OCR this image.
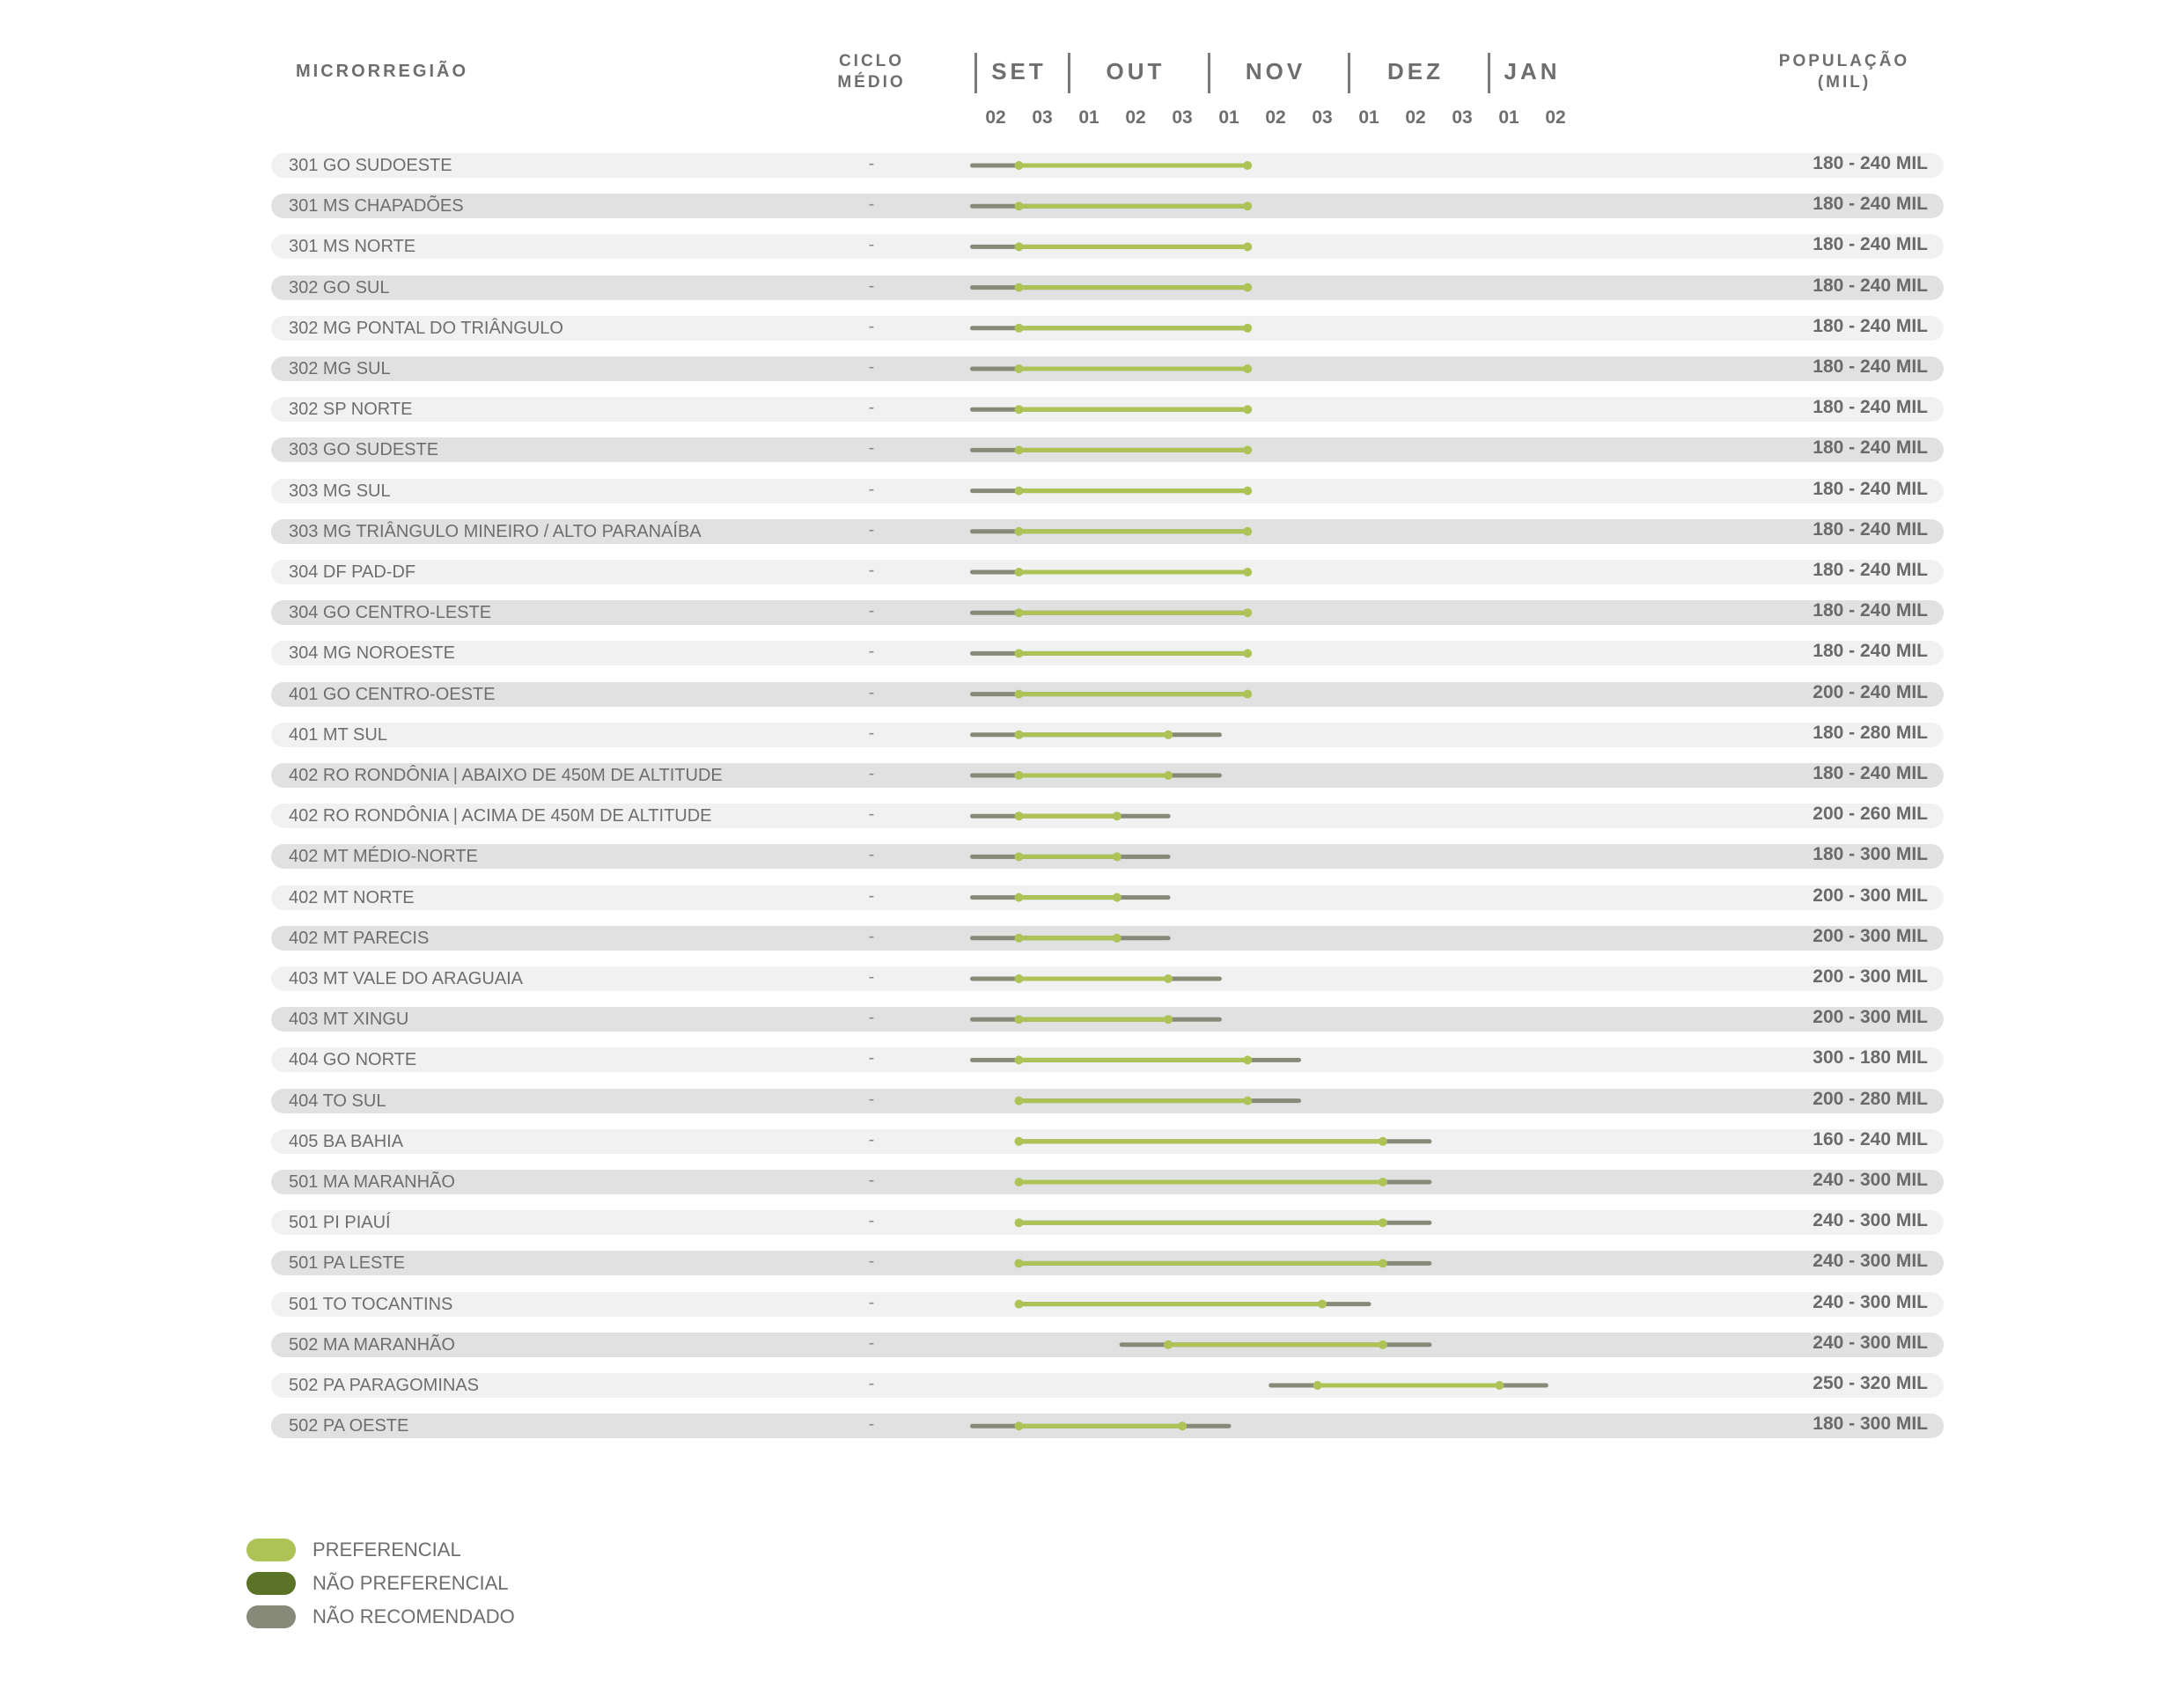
MICRORREGIÃO
CICLO
MÉDIO
POPULAÇÃO
(MIL)
02	03
SET
01	02	03
OUT
01	02	03
NOV
01	02	03
DEZ
01	02
JAN
301 GO SUDOESTE	-	180 - 240 MIL
301 MS CHAPADÕES	-	180 - 240 MIL
301 MS NORTE	-	180 - 240 MIL
302 GO SUL	-	180 - 240 MIL
302 MG PONTAL DO TRIÂNGULO	-	180 - 240 MIL
302 MG SUL	-	180 - 240 MIL
302 SP NORTE	-	180 - 240 MIL
303 GO SUDESTE	-	180 - 240 MIL
303 MG SUL	-	180 - 240 MIL
303 MG TRIÂNGULO MINEIRO / ALTO PARANAÍBA	-	180 - 240 MIL
304 DF PAD-DF	-	180 - 240 MIL
304 GO CENTRO-LESTE	-	180 - 240 MIL
304 MG NOROESTE	-	180 - 240 MIL
401 GO CENTRO-OESTE	-	200 - 240 MIL
401 MT SUL	-	180 - 280 MIL
402 RO RONDÔNIA | ABAIXO DE 450M DE ALTITUDE	-	180 - 240 MIL
402 RO RONDÔNIA | ACIMA DE 450M DE ALTITUDE	-	200 - 260 MIL
402 MT MÉDIO-NORTE	-	180 - 300 MIL
402 MT NORTE	-	200 - 300 MIL
402 MT PARECIS	-	200 - 300 MIL
403 MT VALE DO ARAGUAIA	-	200 - 300 MIL
403 MT XINGU	-	200 - 300 MIL
404 GO NORTE	-	300 - 180 MIL
404 TO SUL	-	200 - 280 MIL
405 BA BAHIA	-	160 - 240 MIL
501 MA MARANHÃO	-	240 - 300 MIL
501 PI PIAUÍ	-	240 - 300 MIL
501 PA LESTE	-	240 - 300 MIL
501 TO TOCANTINS	-	240 - 300 MIL
502 MA MARANHÃO	-	240 - 300 MIL
502 PA PARAGOMINAS	-	250 - 320 MIL
502 PA OESTE	-	180 - 300 MIL
PREFERENCIAL
NÃO PREFERENCIAL
NÃO RECOMENDADO
